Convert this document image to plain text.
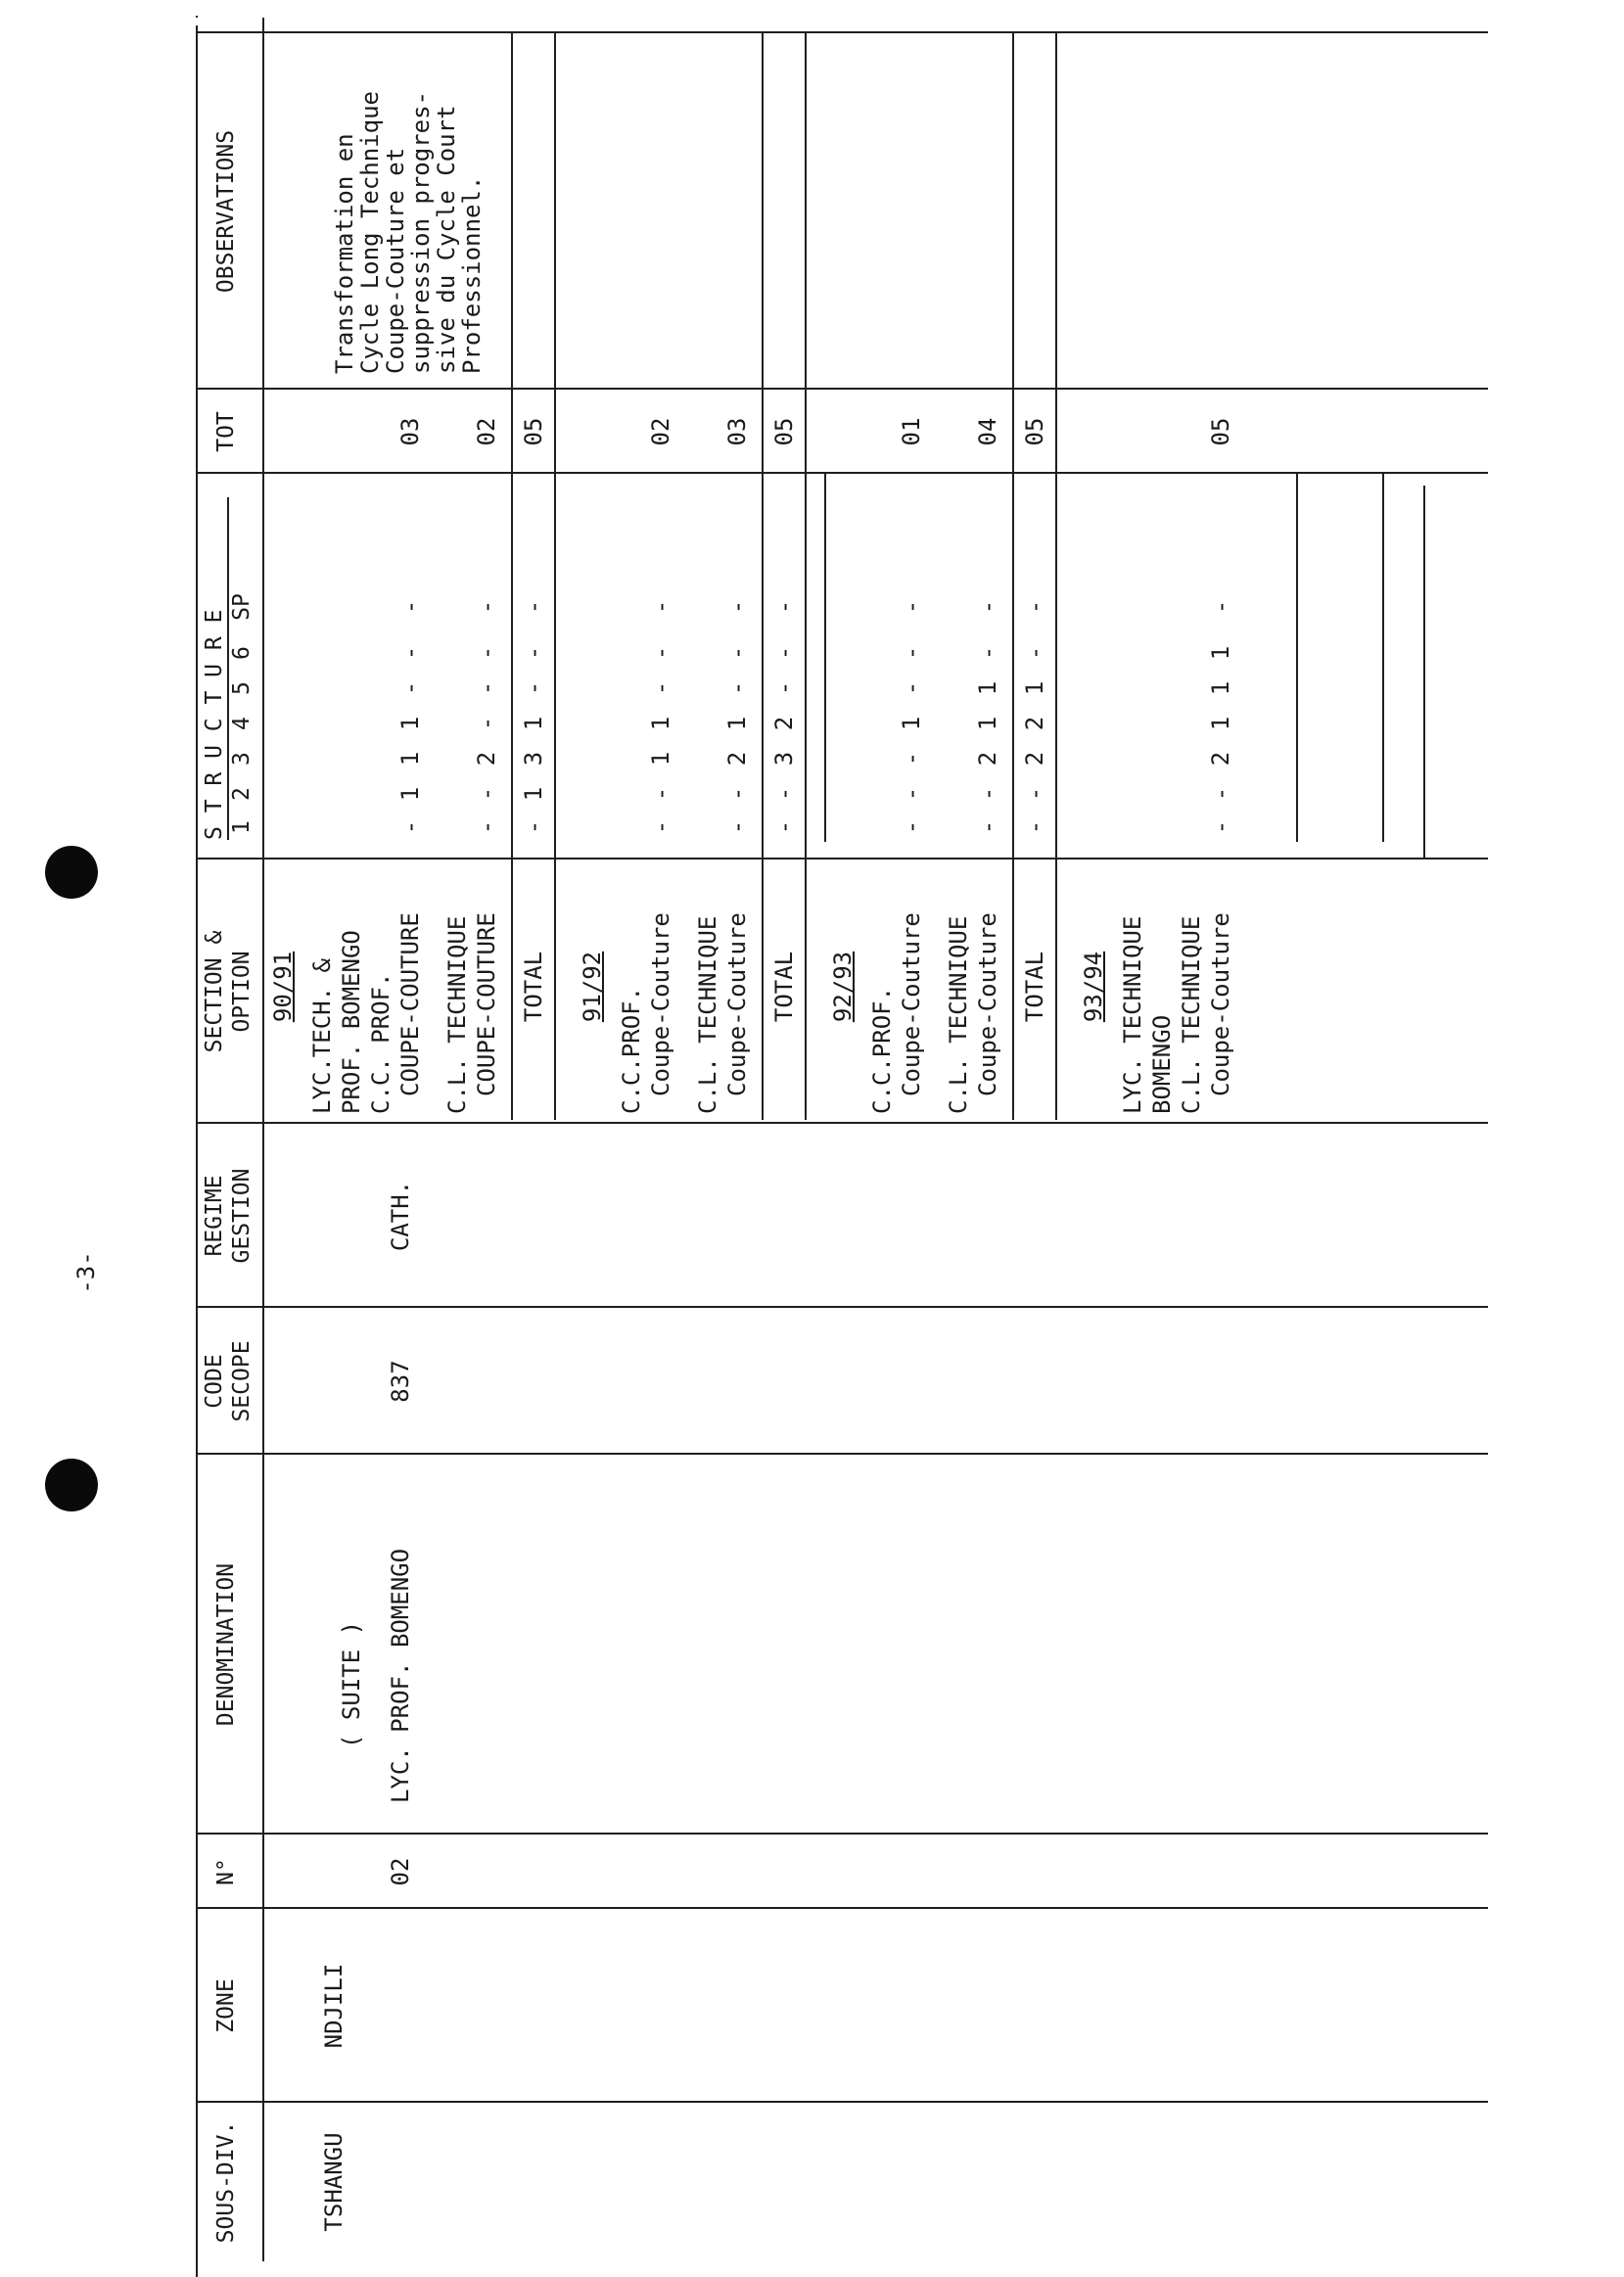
-3-
SOUS-DIV.
ZONE
N°
DENOMINATION
CODE SECOPE
REGIME GESTION
SECTION & OPTION
S T R U C T U R E 1
2
3
4
5
6
SP
TOT
OBSERVATIONS
TSHANGU
NDJILI
02
( SUITE ) LYC. PROF. BOMENGO
837
CATH.
Transformation en
Cycle Long Technique
Coupe-Couture et
suppression progres-
sive du Cycle Court
Professionnel.
90/91 LYC.TECH. & PROF. BOMENGO C.C. PROF. COUPE-COUTURE
-
1
1
1
-
-
-
03
C.L. TECHNIQUE COUPE-COUTURE
-
-
2
-
-
-
-
02
TOTAL
-
1
3
1
-
-
-
05
91/92 C.C.PROF. Coupe-Couture
-
-
1
1
-
-
-
02
C.L. TECHNIQUE Coupe-Couture
-
-
2
1
-
-
-
03
TOTAL
-
-
3
2
-
-
-
05
92/93 C.C.PROF. Coupe-Couture
-
-
-
1
-
-
-
01
C.L. TECHNIQUE Coupe-Couture
-
-
2
1
1
-
-
04
TOTAL
-
-
2
2
1
-
-
05
93/94 LYC. TECHNIQUE BOMENGO C.L. TECHNIQUE Coupe-Couture
-
-
2
1
1
1
-
05
